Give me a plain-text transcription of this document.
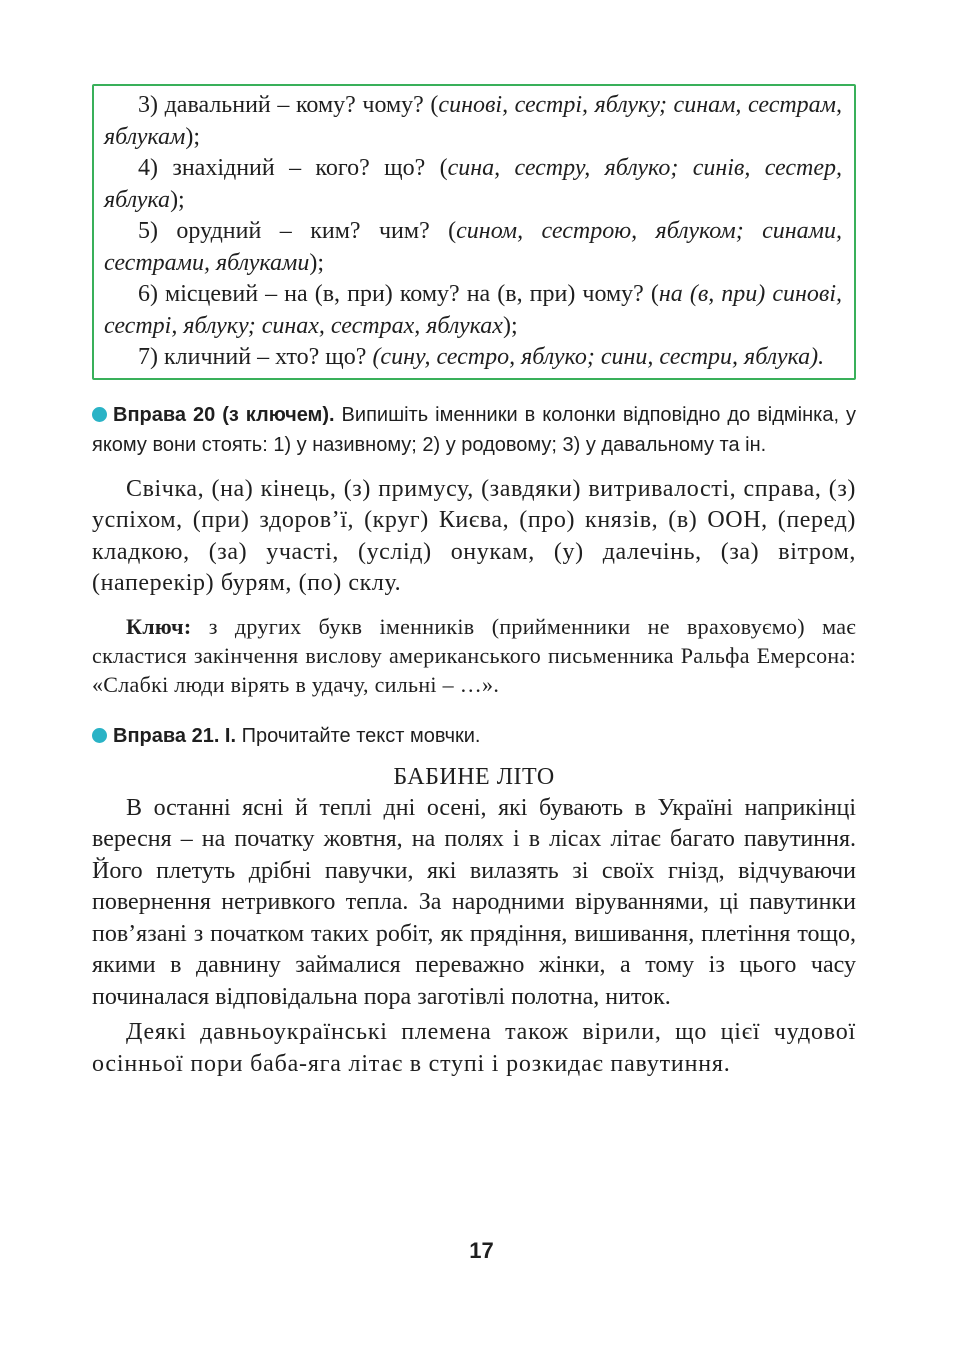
3) давальний – кому? чому? (синові, сестрі, яблуку; синам, сестрам, яблукам);

4) знахідний – кого? що? (сина, сестру, яблуко; синів, сестер, яблука);

5) орудний – ким? чим? (сином, сестрою, яблуком; синами, сестрами, яблуками);

6) місцевий – на (в, при) кому? на (в, при) чому? (на (в, при) синові, сестрі, яблуку; синах, сестрах, яблуках);

7) кличний – хто? що? (сину, сестро, яблуко; сини, сестри, яблука).

Вправа 20 (з ключем). Випишіть іменники в колонки відповідно до відмінка, у якому вони стоять: 1) у називному; 2) у родовому; 3) у давальному та ін.

Свічка, (на) кінець, (з) примусу, (завдяки) витривалості, справа, (з) успіхом, (при) здоров’ї, (круг) Києва, (про) князів, (в) ООН, (перед) кладкою, (за) участі, (услід) онукам, (у) далечінь, (за) вітром, (наперекір) бурям, (по) склу.

Ключ: з других букв іменників (прийменники не враховуємо) має скластися закінчення вислову американського письменника Ральфа Емерсона: «Слабкі люди вірять в удачу, сильні – …».

Вправа 21. І. Прочитайте текст мовчки.
БАБИНЕ ЛІТО

В останні ясні й теплі дні осені, які бувають в Україні наприкінці вересня – на початку жовтня, на полях і в лісах літає багато павутиння. Його плетуть дрібні павучки, які вилазять зі своїх гнізд, відчуваючи повернення нетривкого тепла. За народними віруваннями, ці павутинки пов’язані з початком таких робіт, як прядіння, вишивання, плетіння тощо, якими в давнину займалися переважно жінки, а тому із цього часу починалася відповідальна пора заготівлі полотна, ниток.

Деякі давньоукраїнські племена також вірили, що цієї чудової осінньої пори баба-яга літає в ступі і розкидає павутиння.

17
